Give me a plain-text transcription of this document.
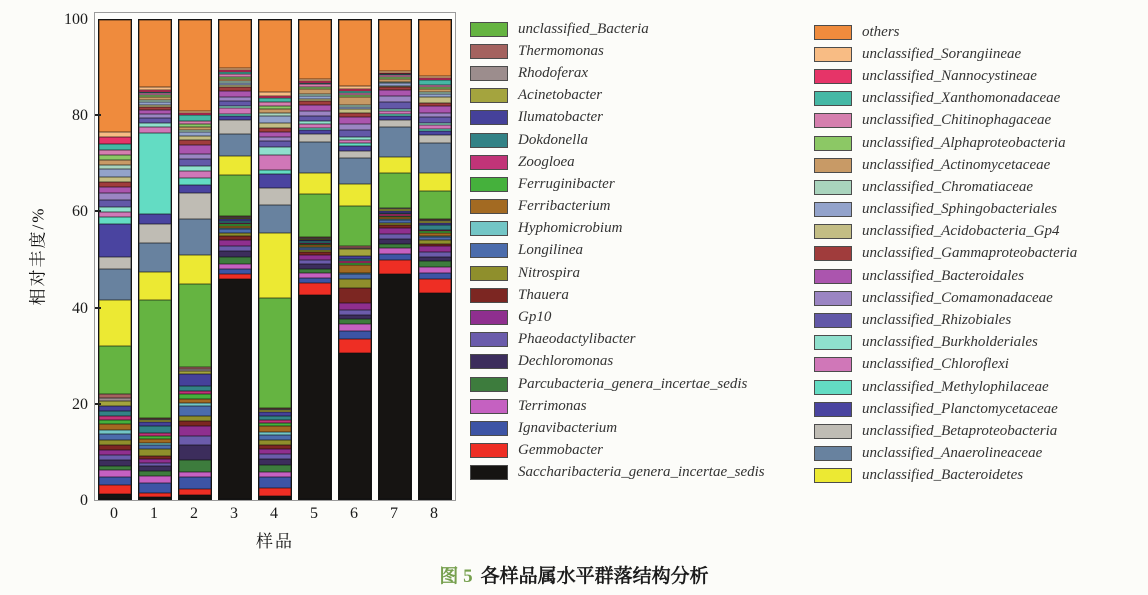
相对丰度/%
0
20
40
60
80
100
0	1	2	3	4	5	6	7	8
样品
unclassified_Bacteria
Thermomonas
Rhodoferax
Acinetobacter
Ilumatobacter
Dokdonella
Zoogloea
Ferruginibacter
Ferribacterium
Hyphomicrobium
Longilinea
Nitrospira
Thauera
Gp10
Phaeodactylibacter
Dechloromonas
Parcubacteria_genera_incertae_sedis
Terrimonas
Ignavibacterium
Gemmobacter
Saccharibacteria_genera_incertae_sedis
others
unclassified_Sorangiineae
unclassified_Nannocystineae
unclassified_Xanthomonadaceae
unclassified_Chitinophagaceae
unclassified_Alphaproteobacteria
unclassified_Actinomycetaceae
unclassified_Chromatiaceae
unclassified_Sphingobacteriales
unclassified_Acidobacteria_Gp4
unclassified_Gammaproteobacteria
unclassified_Bacteroidales
unclassified_Comamonadaceae
unclassified_Rhizobiales
unclassified_Burkholderiales
unclassified_Chloroflexi
unclassified_Methylophilaceae
unclassified_Planctomycetaceae
unclassified_Betaproteobacteria
unclassified_Anaerolineaceae
unclassified_Bacteroidetes
图 5 各样品属水平群落结构分析
